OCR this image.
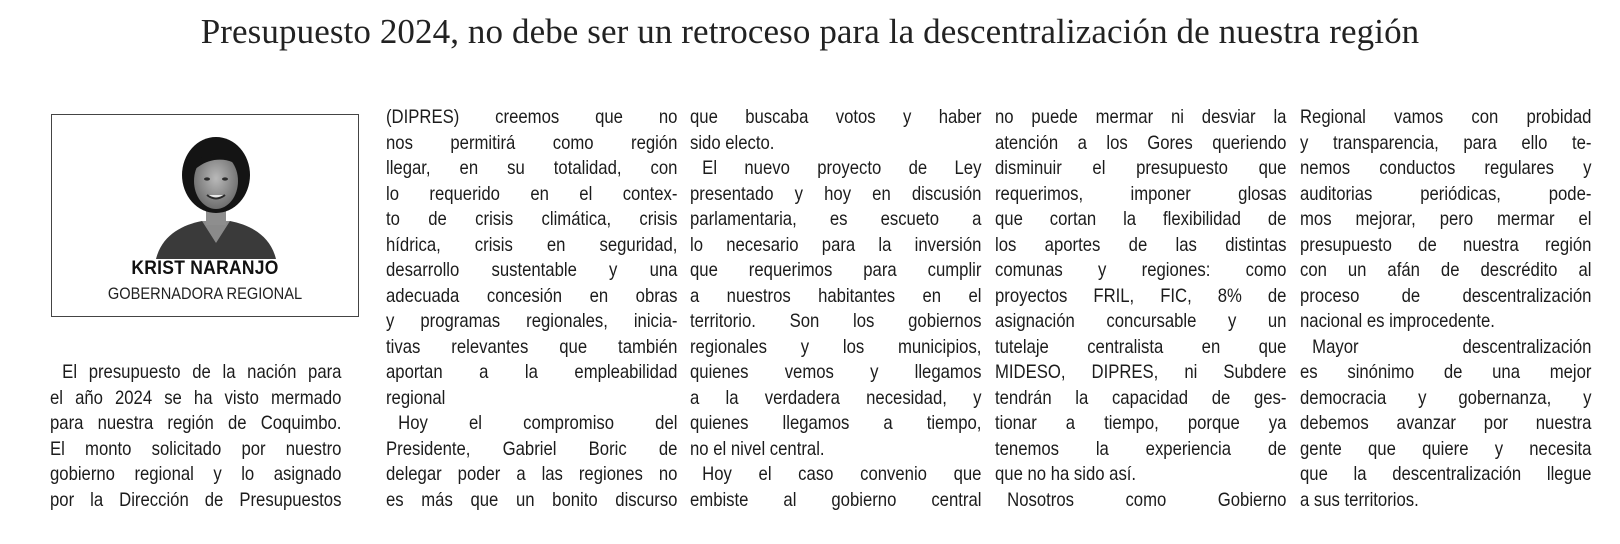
Presupuesto 2024, no debe ser un retroceso para la descentralización de nuestra región
KRIST NARANJO
GOBERNADORA REGIONAL
El presupuesto de la nación para
el año 2024 se ha visto mermado
para nuestra región de Coquimbo.
El monto solicitado por nuestro
gobierno regional y lo asignado
por la Dirección de Presupuestos
(DIPRES) creemos que no
nos permitirá como región
llegar, en su totalidad, con
lo requerido en el contex-
to de crisis climática, crisis
hídrica, crisis en seguridad,
desarrollo sustentable y una
adecuada concesión en obras
y programas regionales, inicia-
tivas relevantes que también
aportan a la empleabilidad
regional
Hoy el compromiso del
Presidente, Gabriel Boric de
delegar poder a las regiones no
es más que un bonito discurso
que buscaba votos y haber
sido electo.
El nuevo proyecto de Ley
presentado y hoy en discusión
parlamentaria, es escueto a
lo necesario para la inversión
que requerimos para cumplir
a nuestros habitantes en el
territorio. Son los gobiernos
regionales y los municipios,
quienes vemos y llegamos
a la verdadera necesidad, y
quienes llegamos a tiempo,
no el nivel central.
Hoy el caso convenio que
embiste al gobierno central
no puede mermar ni desviar la
atención a los Gores queriendo
disminuir el presupuesto que
requerimos, imponer glosas
que cortan la flexibilidad de
los aportes de las distintas
comunas y regiones: como
proyectos FRIL, FIC, 8% de
asignación concursable y un
tutelaje centralista en que
MIDESO, DIPRES, ni Subdere
tendrán la capacidad de ges-
tionar a tiempo, porque ya
tenemos la experiencia de
que no ha sido así.
Nosotros como Gobierno
Regional vamos con probidad
y transparencia, para ello te-
nemos conductos regulares y
auditorias periódicas, pode-
mos mejorar, pero mermar el
presupuesto de nuestra región
con un afán de descrédito al
proceso de descentralización
nacional es improcedente.
Mayor descentralización
es sinónimo de una mejor
democracia y gobernanza, y
debemos avanzar por nuestra
gente que quiere y necesita
que la descentralización llegue
a sus territorios.
